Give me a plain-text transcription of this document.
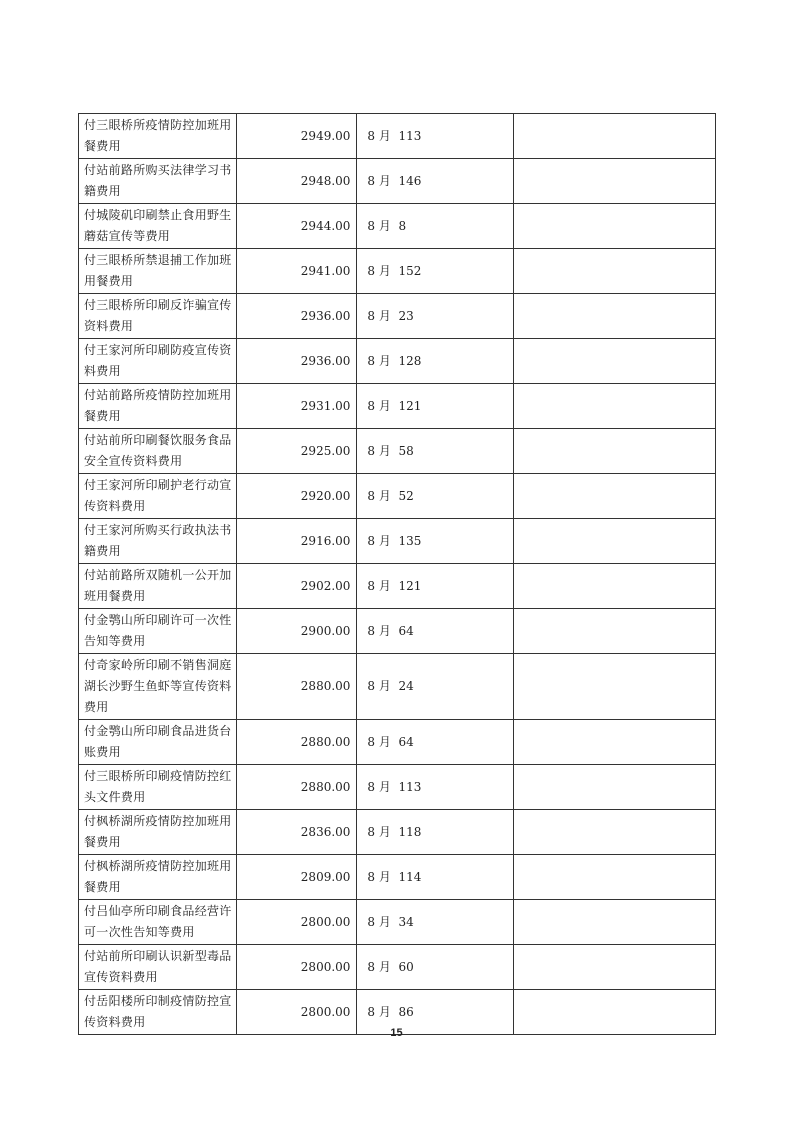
付三眼桥所疫情防控加班用餐费用	2949.00	8 月  113	
付站前路所购买法律学习书籍费用	2948.00	8 月  146	
付城陵矶印刷禁止食用野生蘑菇宣传等费用	2944.00	8 月  8	
付三眼桥所禁退捕工作加班用餐费用	2941.00	8 月  152	
付三眼桥所印刷反诈骗宣传资料费用	2936.00	8 月  23	
付王家河所印刷防疫宣传资料费用	2936.00	8 月  128	
付站前路所疫情防控加班用餐费用	2931.00	8 月  121	
付站前所印刷餐饮服务食品安全宣传资料费用	2925.00	8 月  58	
付王家河所印刷护老行动宣传资料费用	2920.00	8 月  52	
付王家河所购买行政执法书籍费用	2916.00	8 月  135	
付站前路所双随机一公开加班用餐费用	2902.00	8 月  121	
付金鹗山所印刷许可一次性告知等费用	2900.00	8 月  64	
付奇家岭所印刷不销售洞庭湖长沙野生鱼虾等宣传资料费用	2880.00	8 月  24	
付金鹗山所印刷食品进货台账费用	2880.00	8 月  64	
付三眼桥所印刷疫情防控红头文件费用	2880.00	8 月  113	
付枫桥湖所疫情防控加班用餐费用	2836.00	8 月  118	
付枫桥湖所疫情防控加班用餐费用	2809.00	8 月  114	
付吕仙亭所印刷食品经营许可一次性告知等费用	2800.00	8 月  34	
付站前所印刷认识新型毒品宣传资料费用	2800.00	8 月  60	
付岳阳楼所印制疫情防控宣传资料费用	2800.00	8 月  86	
15
